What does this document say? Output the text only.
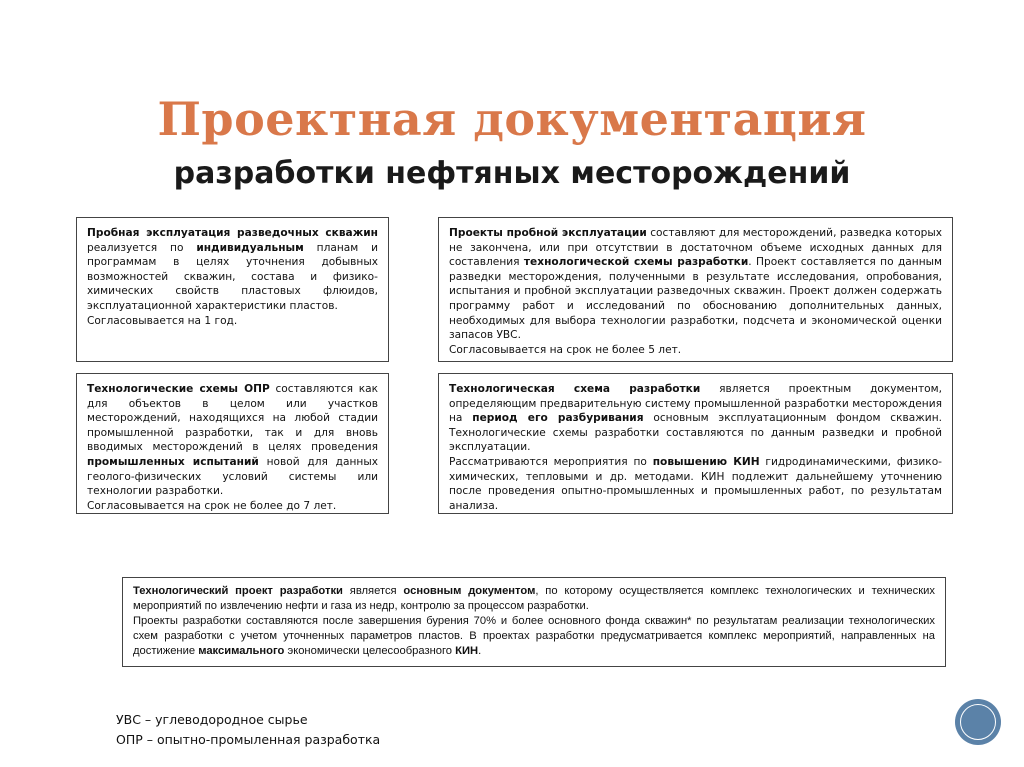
Проектная документация
разработки нефтяных месторождений

Пробная эксплуатация разведочных скважин реализуется по индивидуальным планам и программам в целях уточнения добывных возможностей скважин, состава и физико-химических свойств пластовых флюидов, эксплуатационной характеристики пластов.

Согласовывается на 1 год.

Проекты пробной эксплуатации составляют для месторождений, разведка которых не закончена, или при отсутствии в достаточном объеме исходных данных для составления технологической схемы разработки. Проект составляется по данным разведки месторождения, полученными в результате исследования, опробования, испытания и пробной эксплуатации разведочных скважин. Проект должен содержать программу работ и исследований по обоснованию дополнительных данных, необходимых для выбора технологии разработки, подсчета и экономической оценки запасов УВС.

Согласовывается на срок не более 5 лет.

Технологические схемы ОПР составляются как для объектов в целом или участков месторождений, находящихся на любой стадии промышленной разработки, так и для вновь вводимых месторождений в целях проведения промышленных испытаний новой для данных геолого-физических условий системы или технологии разработки.

Согласовывается на срок не более до 7 лет.

Технологическая схема разработки является проектным документом, определяющим предварительную систему промышленной разработки месторождения на период его разбуривания основным эксплуатационным фондом скважин. Технологические схемы разработки составляются по данным разведки и пробной эксплуатации.

Рассматриваются мероприятия по повышению КИН гидродинамическими, физико-химических, тепловыми и др. методами. КИН подлежит дальнейшему уточнению после проведения опытно-промышленных и промышленных работ, по результатам анализа.

Технологический проект разработки является основным документом, по которому осуществляется комплекс технологических и технических мероприятий по извлечению нефти и газа из недр, контролю за процессом разработки.

Проекты разработки составляются после завершения бурения 70% и более основного фонда скважин* по результатам реализации технологических схем разработки с учетом уточненных параметров пластов. В проектах разработки предусматривается комплекс мероприятий, направленных на достижение максимального экономически целесообразного КИН.

УВС – углеводородное сырье
ОПР – опытно-промыленная разработка
